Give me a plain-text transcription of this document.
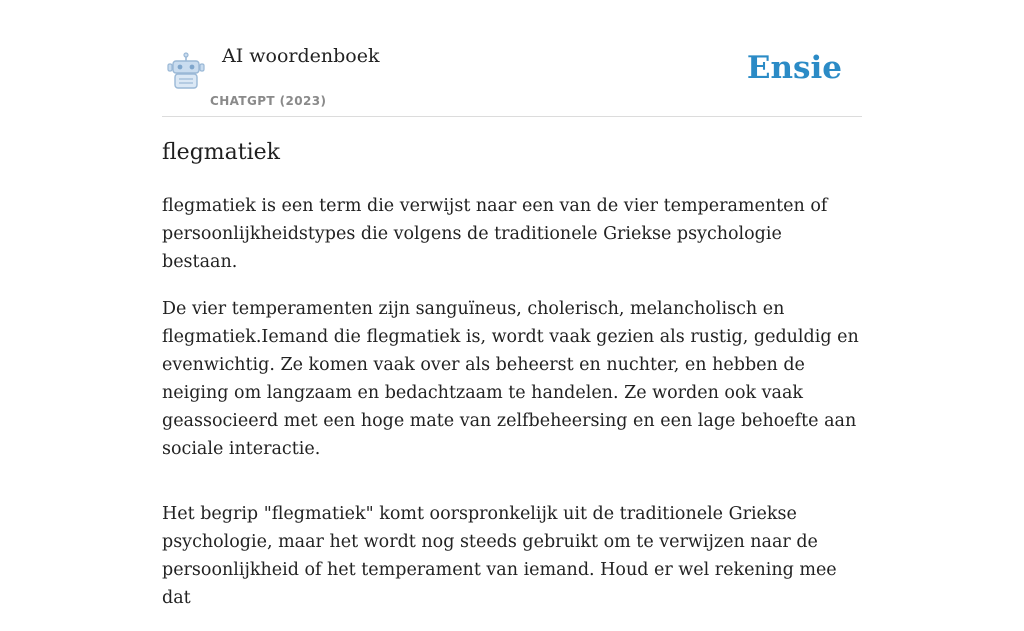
AI woordenboek
CHATGPT (2023)
Ensie
flegmatiek

flegmatiek is een term die verwijst naar een van de vier temperamenten of persoonlijkheidstypes die volgens de traditionele Griekse psychologie bestaan.

De vier temperamenten zijn sanguïneus, cholerisch, melancholisch en flegmatiek.Iemand die flegmatiek is, wordt vaak gezien als rustig, geduldig en evenwichtig. Ze komen vaak over als beheerst en nuchter, en hebben de neiging om langzaam en bedachtzaam te handelen. Ze worden ook vaak geassocieerd met een hoge mate van zelfbeheersing en een lage behoefte aan sociale interactie.

Het begrip "flegmatiek" komt oorspronkelijk uit de traditionele Griekse psychologie, maar het wordt nog steeds gebruikt om te verwijzen naar de persoonlijkheid of het temperament van iemand. Houd er wel rekening mee dat
